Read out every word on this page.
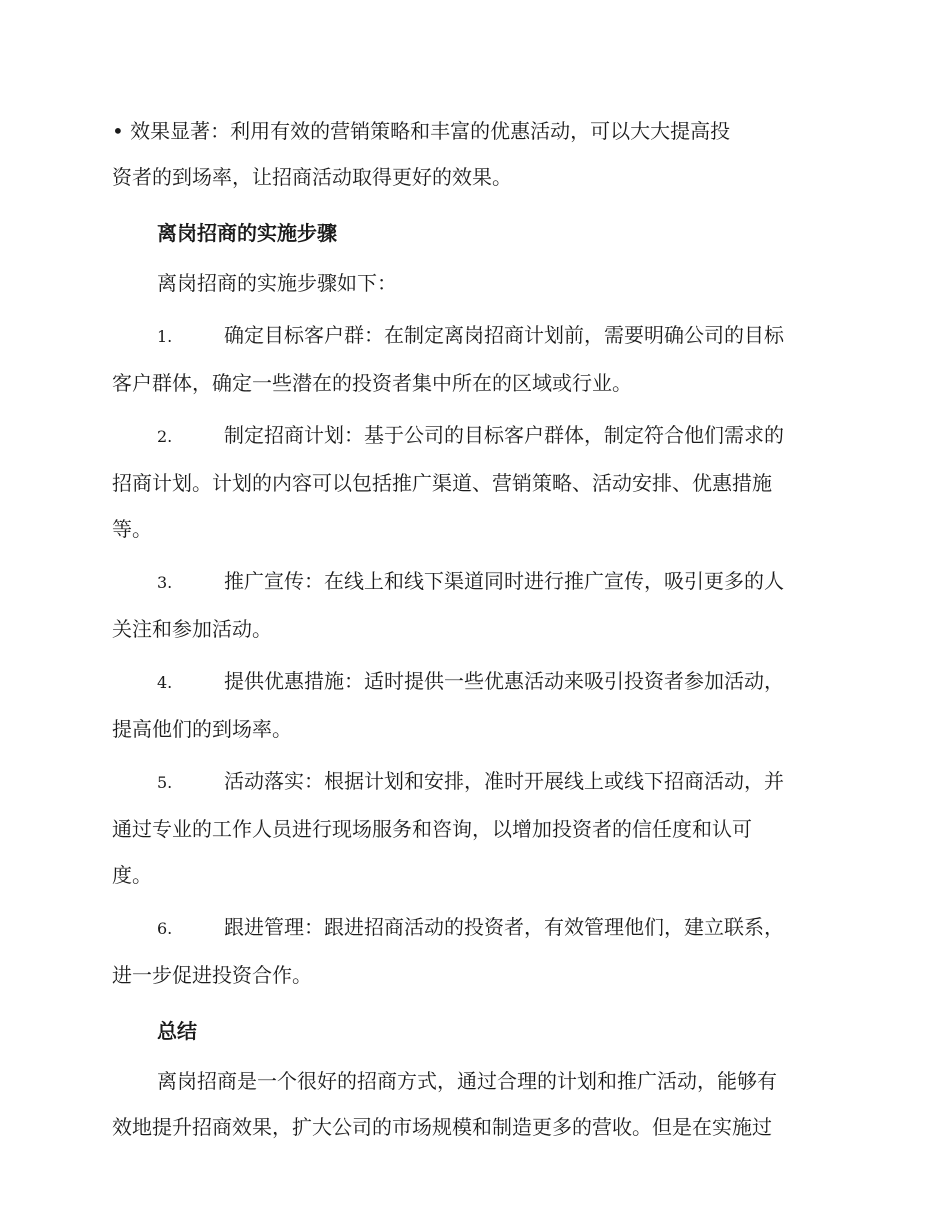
• 效果显著：利用有效的营销策略和丰富的优惠活动，可以大大提高投
资者的到场率，让招商活动取得更好的效果。
离岗招商的实施步骤
离岗招商的实施步骤如下：
1.	确定目标客户群：在制定离岗招商计划前，需要明确公司的目标
客户群体，确定一些潜在的投资者集中所在的区域或行业。
2.	制定招商计划：基于公司的目标客户群体，制定符合他们需求的
招商计划。计划的内容可以包括推广渠道、营销策略、活动安排、优惠措施
等。
3.	推广宣传：在线上和线下渠道同时进行推广宣传，吸引更多的人
关注和参加活动。
4.	提供优惠措施：适时提供一些优惠活动来吸引投资者参加活动，
提高他们的到场率。
5.	活动落实：根据计划和安排，准时开展线上或线下招商活动，并
通过专业的工作人员进行现场服务和咨询，以增加投资者的信任度和认可
度。
6.	跟进管理：跟进招商活动的投资者，有效管理他们，建立联系，
进一步促进投资合作。
总结
离岗招商是一个很好的招商方式，通过合理的计划和推广活动，能够有
效地提升招商效果，扩大公司的市场规模和制造更多的营收。但是在实施过
